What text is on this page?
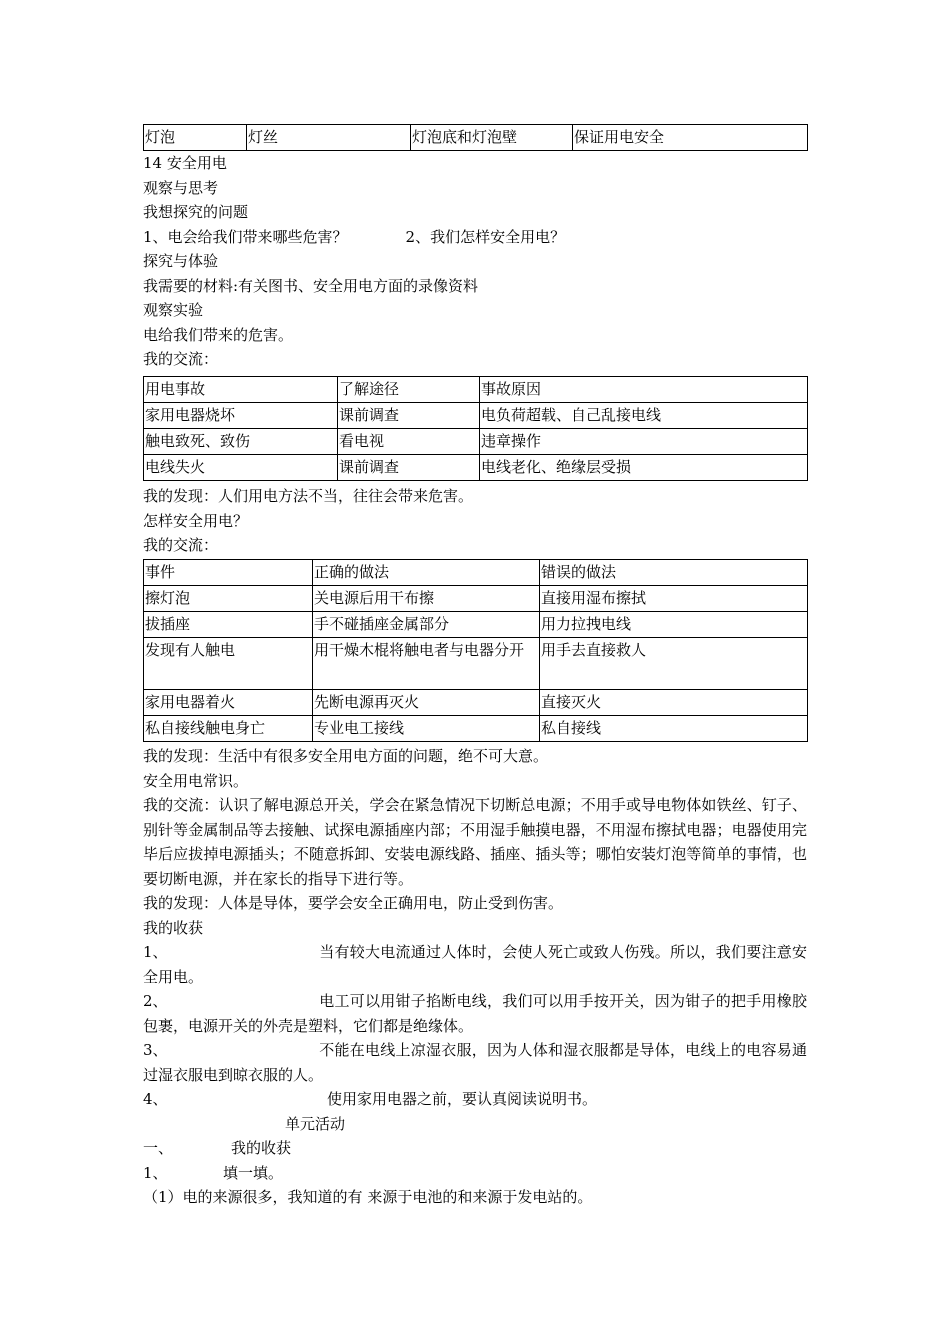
灯泡	灯丝	灯泡底和灯泡壁	保证用电安全
14 安全用电
观察与思考
我想探究的问题
1、电会给我们带来哪些危害？	2、我们怎样安全用电？
探究与体验
我需要的材料:有关图书、安全用电方面的录像资料
观察实验
电给我们带来的危害。
我的交流：
用电事故	了解途径	事故原因
家用电器烧坏	课前调查	电负荷超载、自己乱接电线
触电致死、致伤	看电视	违章操作
电线失火	课前调查	电线老化、绝缘层受损
我的发现：人们用电方法不当，往往会带来危害。
怎样安全用电？
我的交流：
事件	正确的做法	错误的做法
擦灯泡	关电源后用干布擦	直接用湿布擦拭
拔插座	手不碰插座金属部分	用力拉拽电线
发现有人触电	用干燥木棍将触电者与电器分开	用手去直接救人
家用电器着火	先断电源再灭火	直接灭火
私自接线触电身亡	专业电工接线	私自接线
我的发现：生活中有很多安全用电方面的问题，绝不可大意。
安全用电常识。
我的交流：认识了解电源总开关，学会在紧急情况下切断总电源；不用手或导电物体如铁丝、钉子、别针等金属制品等去接触、试探电源插座内部；不用湿手触摸电器，不用湿布擦拭电器；电器使用完毕后应拔掉电源插头；不随意拆卸、安装电源线路、插座、插头等；哪怕安装灯泡等简单的事情，也要切断电源，并在家长的指导下进行等。
我的发现：人体是导体，要学会安全正确用电，防止受到伤害。
我的收获
1、	当有较大电流通过人体时，会使人死亡或致人伤残。所以，我们要注意安全用电。
2、	电工可以用钳子掐断电线，我们可以用手按开关，因为钳子的把手用橡胶包裹，电源开关的外壳是塑料，它们都是绝缘体。
3、	不能在电线上凉湿衣服，因为人体和湿衣服都是导体，电线上的电容易通过湿衣服电到晾衣服的人。
4、	使用家用电器之前，要认真阅读说明书。
单元活动
一、	我的收获
1、	填一填。
（1）电的来源很多，我知道的有 来源于电池的和来源于发电站的。
